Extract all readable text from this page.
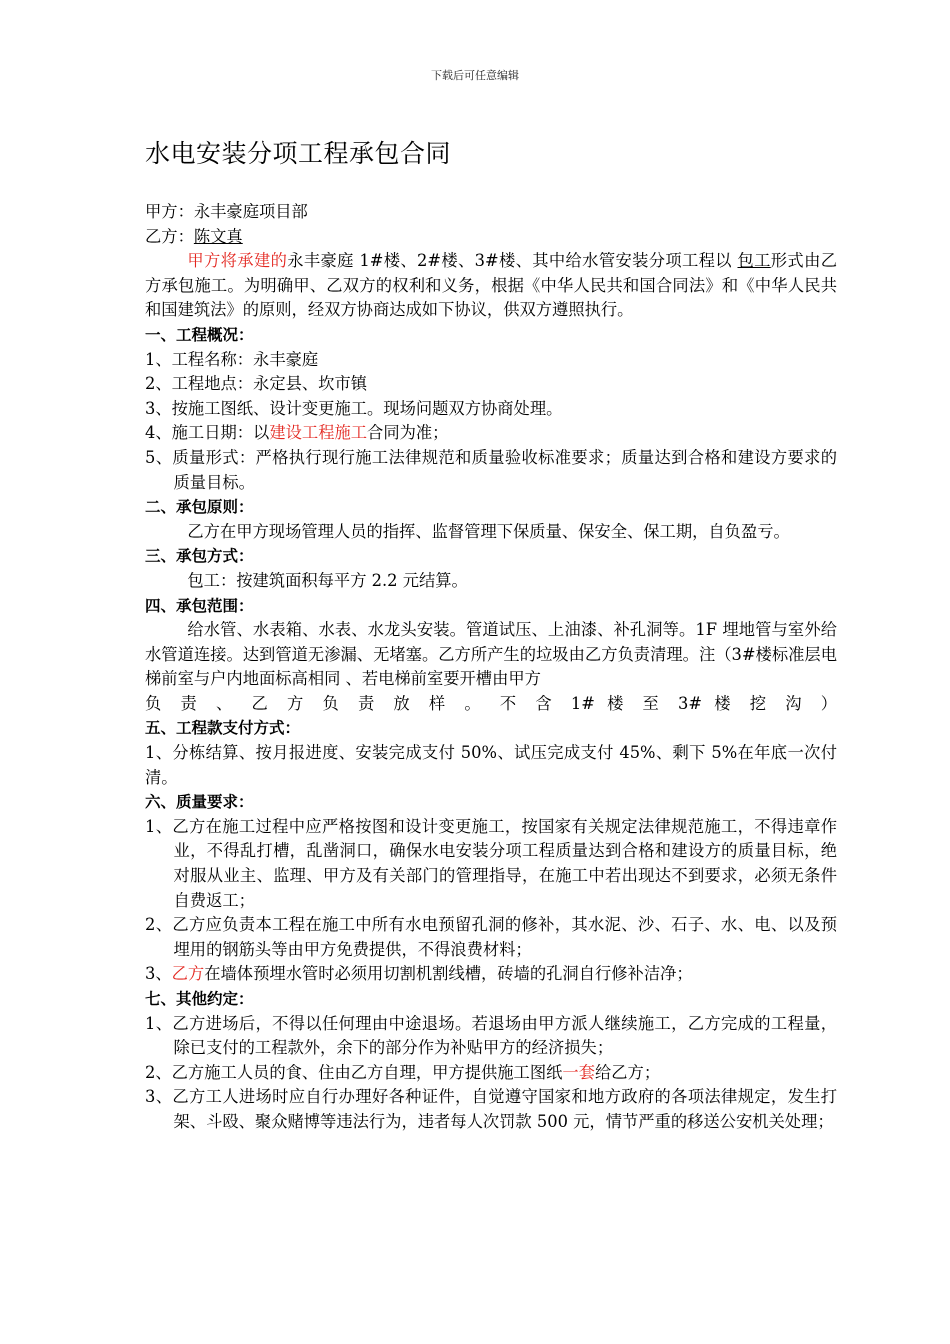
下载后可任意编辑
水电安装分项工程承包合同
甲方：永丰豪庭项目部
乙方：陈文真
甲方将承建的永丰豪庭 1#楼、2#楼、3#楼、其中给水管安装分项工程以 包工形式由乙方承包施工。为明确甲、乙双方的权利和义务，根据《中华人民共和国合同法》和《中华人民共和国建筑法》的原则，经双方协商达成如下协议，供双方遵照执行。
一、工程概况：
1、工程名称：永丰豪庭
2、工程地点：永定县、坎市镇
3、按施工图纸、设计变更施工。现场问题双方协商处理。
4、施工日期：以建设工程施工合同为准；
5、质量形式：严格执行现行施工法律规范和质量验收标准要求；质量达到合格和建设方要求的质量目标。
二、承包原则：
乙方在甲方现场管理人员的指挥、监督管理下保质量、保安全、保工期，自负盈亏。
三、承包方式：
包工：按建筑面积每平方 2.2 元结算。
四、承包范围：
给水管、水表箱、水表、水龙头安装。管道试压、上油漆、补孔洞等。1F 埋地管与室外给水管道连接。达到管道无渗漏、无堵塞。乙方所产生的垃圾由乙方负责清理。注（3#楼标准层电梯前室与户内地面标高相同 、若电梯前室要开槽由甲方
负 责 、 乙 方 负 责 放 样 。 不 含 1# 楼 至 3# 楼 挖 沟 ）
五、工程款支付方式：
1、分栋结算、按月报进度、安装完成支付 50%、试压完成支付 45%、剩下 5%在年底一次付清。
六、质量要求：
1、乙方在施工过程中应严格按图和设计变更施工，按国家有关规定法律规范施工，不得违章作业，不得乱打槽，乱凿洞口，确保水电安装分项工程质量达到合格和建设方的质量目标，绝对服从业主、监理、甲方及有关部门的管理指导，在施工中若出现达不到要求，必须无条件自费返工；
2、乙方应负责本工程在施工中所有水电预留孔洞的修补，其水泥、沙、石子、水、电、以及预埋用的钢筋头等由甲方免费提供，不得浪费材料；
3、乙方在墙体预埋水管时必须用切割机割线槽，砖墙的孔洞自行修补洁净；
七、其他约定：
1、乙方进场后，不得以任何理由中途退场。若退场由甲方派人继续施工，乙方完成的工程量，除已支付的工程款外，余下的部分作为补贴甲方的经济损失；
2、乙方施工人员的食、住由乙方自理，甲方提供施工图纸一套给乙方；
3、乙方工人进场时应自行办理好各种证件，自觉遵守国家和地方政府的各项法律规定，发生打架、斗殴、聚众赌博等违法行为，违者每人次罚款 500 元，情节严重的移送公安机关处理；
